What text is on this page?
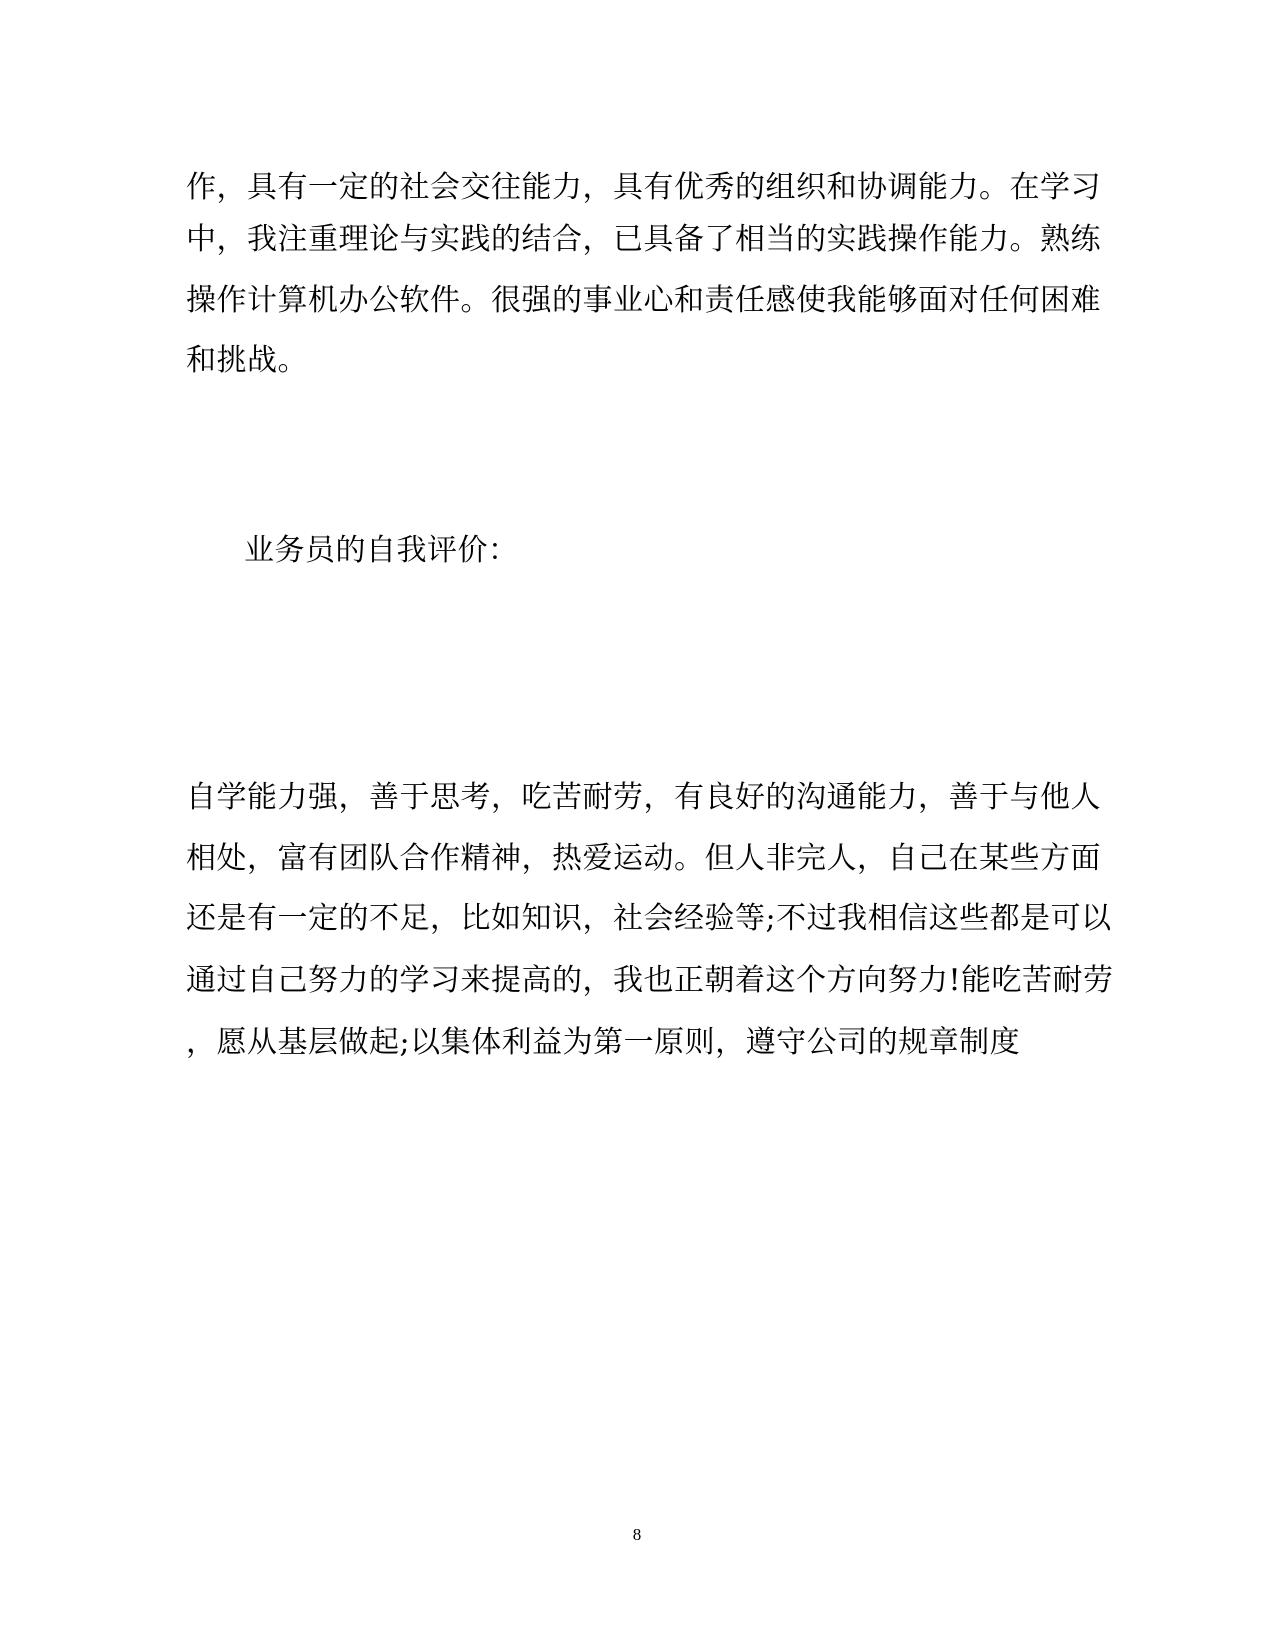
作，具有一定的社会交往能力，具有优秀的组织和协调能力。在学习
中，我注重理论与实践的结合，已具备了相当的实践操作能力。熟练
操作计算机办公软件。很强的事业心和责任感使我能够面对任何困难
和挑战。
业务员的自我评价：
自学能力强，善于思考，吃苦耐劳，有良好的沟通能力，善于与他人
相处，富有团队合作精神，热爱运动。但人非完人，自己在某些方面
还是有一定的不足，比如知识，社会经验等;不过我相信这些都是可以
通过自己努力的学习来提高的，我也正朝着这个方向努力!能吃苦耐劳
，愿从基层做起;以集体利益为第一原则，遵守公司的规章制度
8
